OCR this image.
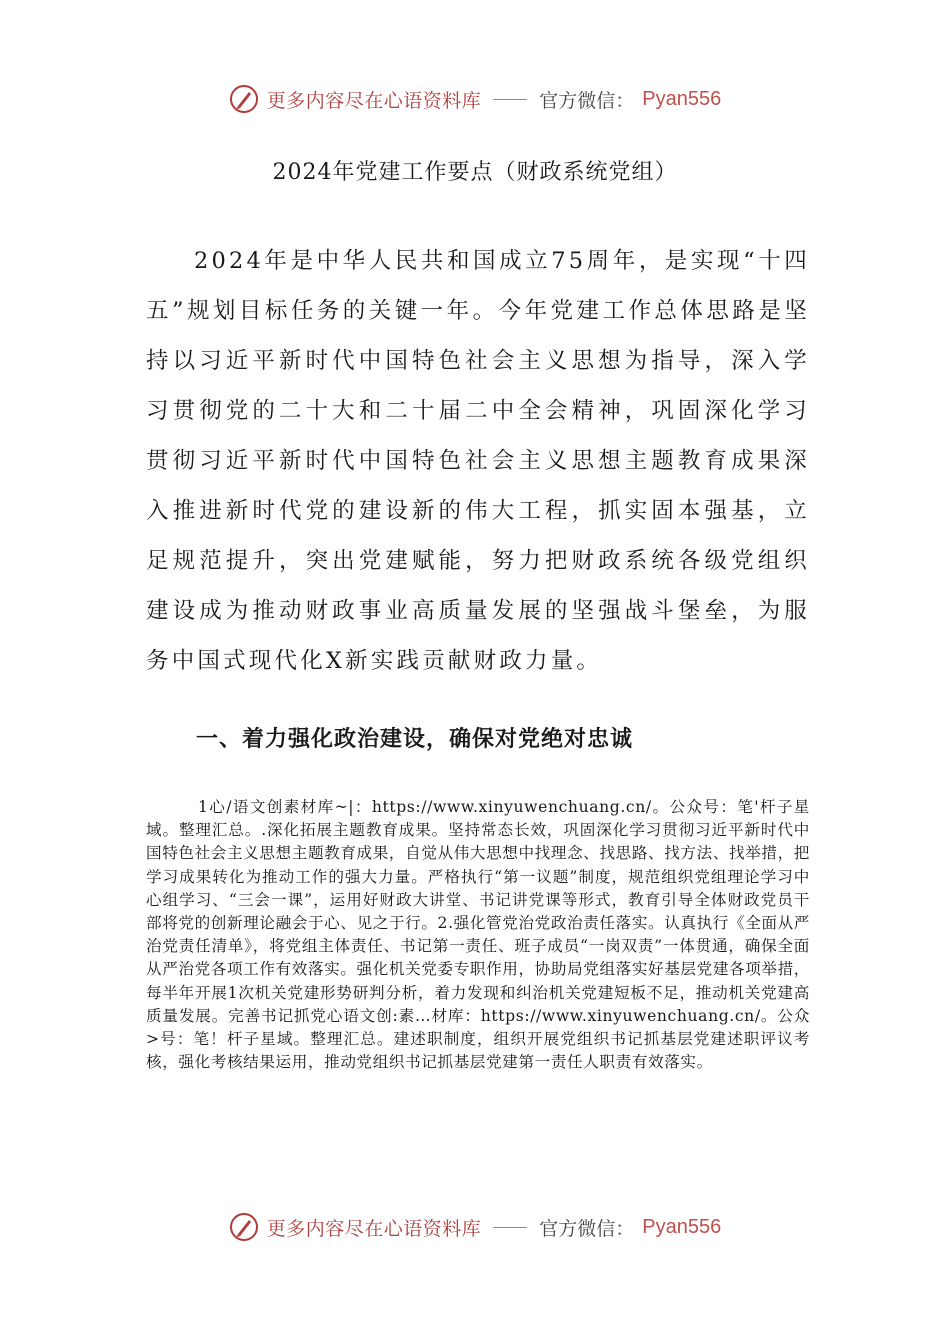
更多内容尽在心语资料库	官方微信： Pyan556
2024年党建工作要点（财政系统党组）

2024年是中华人民共和国成立75周年，是实现“十四五”规划目标任务的关键一年。今年党建工作总体思路是坚持以习近平新时代中国特色社会主义思想为指导，深入学习贯彻党的二十大和二十届二中全会精神，巩固深化学习贯彻习近平新时代中国特色社会主义思想主题教育成果深入推进新时代党的建设新的伟大工程，抓实固本强基，立足规范提升，突出党建赋能，努力把财政系统各级党组织建设成为推动财政事业高质量发展的坚强战斗堡垒，为服务中国式现代化X新实践贡献财政力量。

一、着力强化政治建设，确保对党绝对忠诚

1心/语文创素材库~|：https://www.xinyuwenchuang.cn/。公众号：笔'杆子星域。整理汇总。.深化拓展主题教育成果。坚持常态长效，巩固深化学习贯彻习近平新时代中国特色社会主义思想主题教育成果，自觉从伟大思想中找理念、找思路、找方法、找举措，把学习成果转化为推动工作的强大力量。严格执行“第一议题”制度，规范组织党组理论学习中心组学习、“三会一课”，运用好财政大讲堂、书记讲党课等形式，教育引导全体财政党员干部将党的创新理论融会于心、见之于行。2.强化管党治党政治责任落实。认真执行《全面从严治党责任清单》，将党组主体责任、书记第一责任、班子成员“一岗双责”一体贯通，确保全面从严治党各项工作有效落实。强化机关党委专职作用，协助局党组落实好基层党建各项举措，每半年开展1次机关党建形势研判分析，着力发现和纠治机关党建短板不足，推动机关党建高质量发展。完善书记抓党心语文创:素…材库：https://www.xinyuwenchuang.cn/。公众>号：笔！杆子星域。整理汇总。建述职制度，组织开展党组织书记抓基层党建述职评议考核，强化考核结果运用，推动党组织书记抓基层党建第一责任人职责有效落实。

更多内容尽在心语资料库	官方微信： Pyan556
